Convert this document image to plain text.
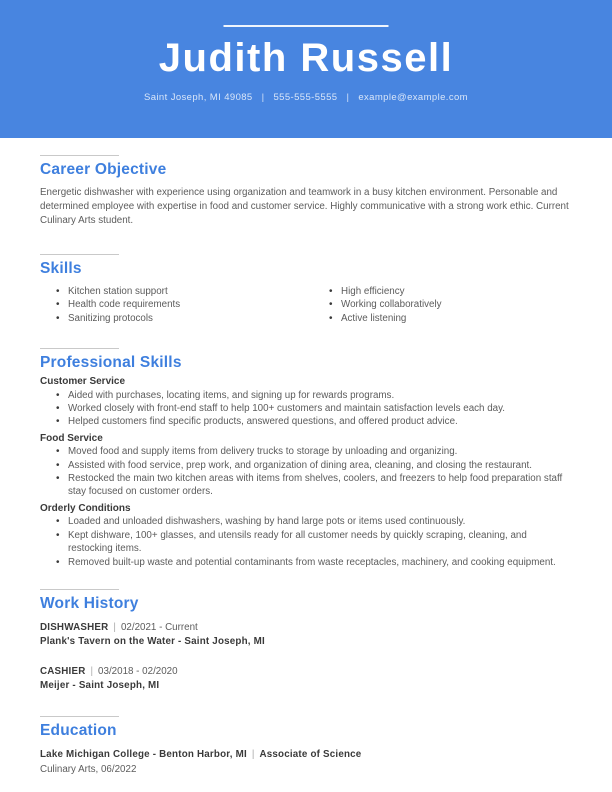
Judith Russell
Saint Joseph, MI 49085 | 555-555-5555 | example@example.com
Career Objective

Energetic dishwasher with experience using organization and teamwork in a busy kitchen environment. Personable and determined employee with expertise in food and customer service. Highly communicative with a strong work ethic. Current Culinary Arts student.

Skills
• Kitchen station support
• Health code requirements
• Sanitizing protocols
• High efficiency
• Working collaboratively
• Active listening
Professional Skills
Customer Service
• Aided with purchases, locating items, and signing up for rewards programs.
• Worked closely with front-end staff to help 100+ customers and maintain satisfaction levels each day.
• Helped customers find specific products, answered questions, and offered product advice.
Food Service
• Moved food and supply items from delivery trucks to storage by unloading and organizing.
• Assisted with food service, prep work, and organization of dining area, cleaning, and closing the restaurant.
• Restocked the main two kitchen areas with items from shelves, coolers, and freezers to help food preparation staff stay focused on customer orders.
Orderly Conditions
• Loaded and unloaded dishwashers, washing by hand large pots or items used continuously.
• Kept dishware, 100+ glasses, and utensils ready for all customer needs by quickly scraping, cleaning, and restocking items.
• Removed built-up waste and potential contaminants from waste receptacles, machinery, and cooking equipment.
Work History
DISHWASHER | 02/2021 - Current
Plank's Tavern on the Water - Saint Joseph, MI
CASHIER | 03/2018 - 02/2020
Meijer - Saint Joseph, MI
Education
Lake Michigan College - Benton Harbor, MI | Associate of Science
Culinary Arts, 06/2022
